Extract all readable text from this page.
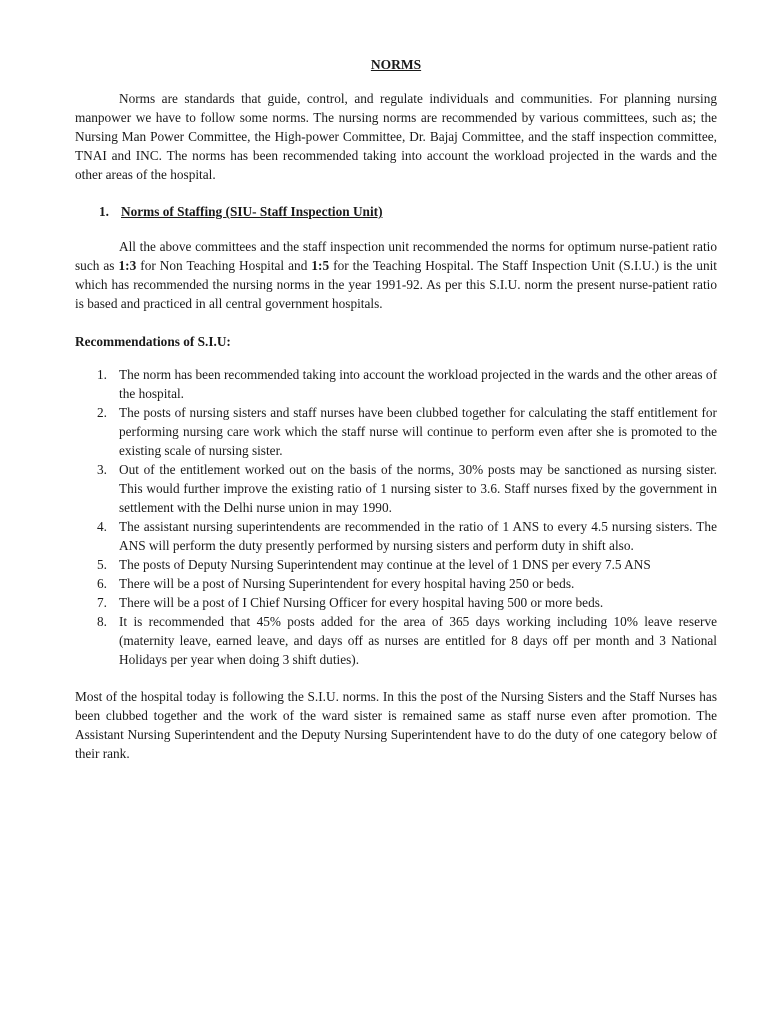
NORMS

Norms are standards that guide, control, and regulate individuals and communities. For planning nursing manpower we have to follow some norms. The nursing norms are recommended by various committees, such as; the Nursing Man Power Committee, the High-power Committee, Dr. Bajaj Committee, and the staff inspection committee, TNAI and INC. The norms has been recommended taking into account the workload projected in the wards and the other areas of the hospital.

1. Norms of Staffing (SIU- Staff Inspection Unit)

All the above committees and the staff inspection unit recommended the norms for optimum nurse-patient ratio such as 1:3 for Non Teaching Hospital and 1:5 for the Teaching Hospital. The Staff Inspection Unit (S.I.U.) is the unit which has recommended the nursing norms in the year 1991-92. As per this S.I.U. norm the present nurse-patient ratio is based and practiced in all central government hospitals.

Recommendations of S.I.U:
1. The norm has been recommended taking into account the workload projected in the wards and the other areas of the hospital.
2. The posts of nursing sisters and staff nurses have been clubbed together for calculating the staff entitlement for performing nursing care work which the staff nurse will continue to perform even after she is promoted to the existing scale of nursing sister.
3. Out of the entitlement worked out on the basis of the norms, 30% posts may be sanctioned as nursing sister. This would further improve the existing ratio of 1 nursing sister to 3.6. Staff nurses fixed by the government in settlement with the Delhi nurse union in may 1990.
4. The assistant nursing superintendents are recommended in the ratio of 1 ANS to every 4.5 nursing sisters. The ANS will perform the duty presently performed by nursing sisters and perform duty in shift also.
5. The posts of Deputy Nursing Superintendent may continue at the level of 1 DNS per every 7.5 ANS
6. There will be a post of Nursing Superintendent for every hospital having 250 or beds.
7. There will be a post of I Chief Nursing Officer for every hospital having 500 or more beds.
8. It is recommended that 45% posts added for the area of 365 days working including 10% leave reserve (maternity leave, earned leave, and days off as nurses are entitled for 8 days off per month and 3 National Holidays per year when doing 3 shift duties).

Most of the hospital today is following the S.I.U. norms. In this the post of the Nursing Sisters and the Staff Nurses has been clubbed together and the work of the ward sister is remained same as staff nurse even after promotion. The Assistant Nursing Superintendent and the Deputy Nursing Superintendent have to do the duty of one category below of their rank.
